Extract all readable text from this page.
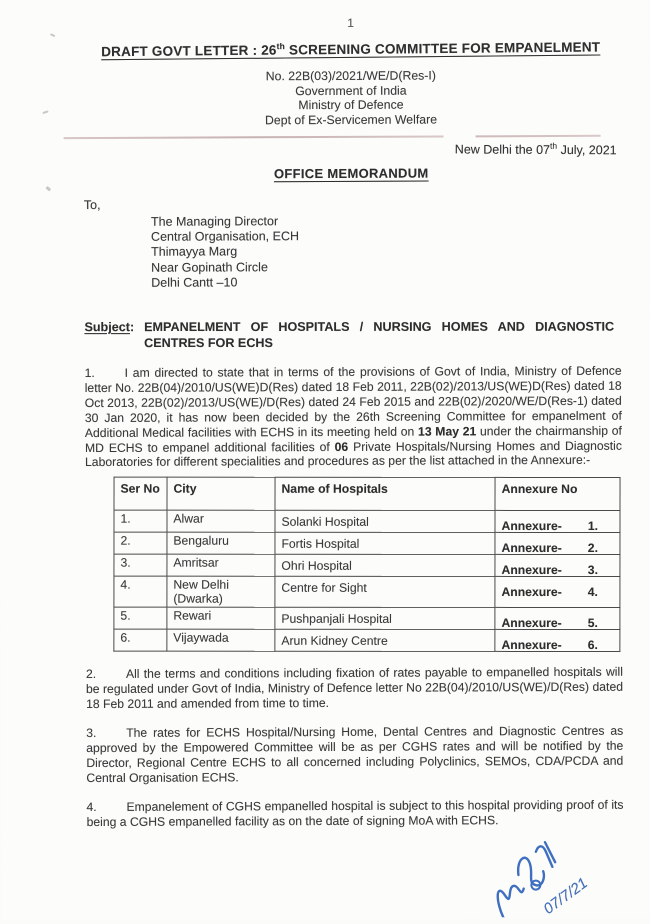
1
DRAFT GOVT LETTER : 26th SCREENING COMMITTEE FOR EMPANELMENT
No. 22B(03)/2021/WE/D(Res-I)
Government of India
Ministry of Defence
Dept of Ex-Servicemen Welfare
New Delhi the 07th July, 2021
OFFICE MEMORANDUM
To,
The Managing Director
Central Organisation, ECH
Thimayya Marg
Near Gopinath Circle
Delhi Cantt –10
Subject : EMPANELMENT OF HOSPITALS / NURSING HOMES AND DIAGNOSTIC CENTRES FOR ECHS
1. I am directed to state that in terms of the provisions of Govt of India, Ministry of Defence letter No. 22B(04)/2010/US(WE)D(Res) dated 18 Feb 2011, 22B(02)/2013/US(WE)D(Res) dated 18 Oct 2013, 22B(02)/2013/US(WE)/D(Res) dated 24 Feb 2015 and 22B(02)/2020/WE/D(Res-1) dated 30 Jan 2020, it has now been decided by the 26th Screening Committee for empanelment of Additional Medical facilities with ECHS in its meeting held on 13 May 21 under the chairmanship of MD ECHS to empanel additional facilities of 06 Private Hospitals/Nursing Homes and Diagnostic Laboratories for different specialities and procedures as per the list attached in the Annexure:-
Ser No	City	Name of Hospitals	Annexure No
1.	Alwar	Solanki Hospital	Annexure- 1.

2.	Bengaluru	Fortis Hospital	Annexure- 2.

3.	Amritsar	Ohri Hospital	Annexure- 3.

4.	New Delhi (Dwarka)	Centre for Sight	Annexure- 4.

5.	Rewari	Pushpanjali Hospital	Annexure- 5.

6.	Vijaywada	Arun Kidney Centre	Annexure- 6.
2. All the terms and conditions including fixation of rates payable to empanelled hospitals will be regulated under Govt of India, Ministry of Defence letter No 22B(04)/2010/US(WE)/D(Res) dated 18 Feb 2011 and amended from time to time.
3. The rates for ECHS Hospital/Nursing Home, Dental Centres and Diagnostic Centres as approved by the Empowered Committee will be as per CGHS rates and will be notified by the Director, Regional Centre ECHS to all concerned including Polyclinics, SEMOs, CDA/PCDA and Central Organisation ECHS.
4. Empanelement of CGHS empanelled hospital is subject to this hospital providing proof of its being a CGHS empanelled facility as on the date of signing MoA with ECHS.
07/7/21
